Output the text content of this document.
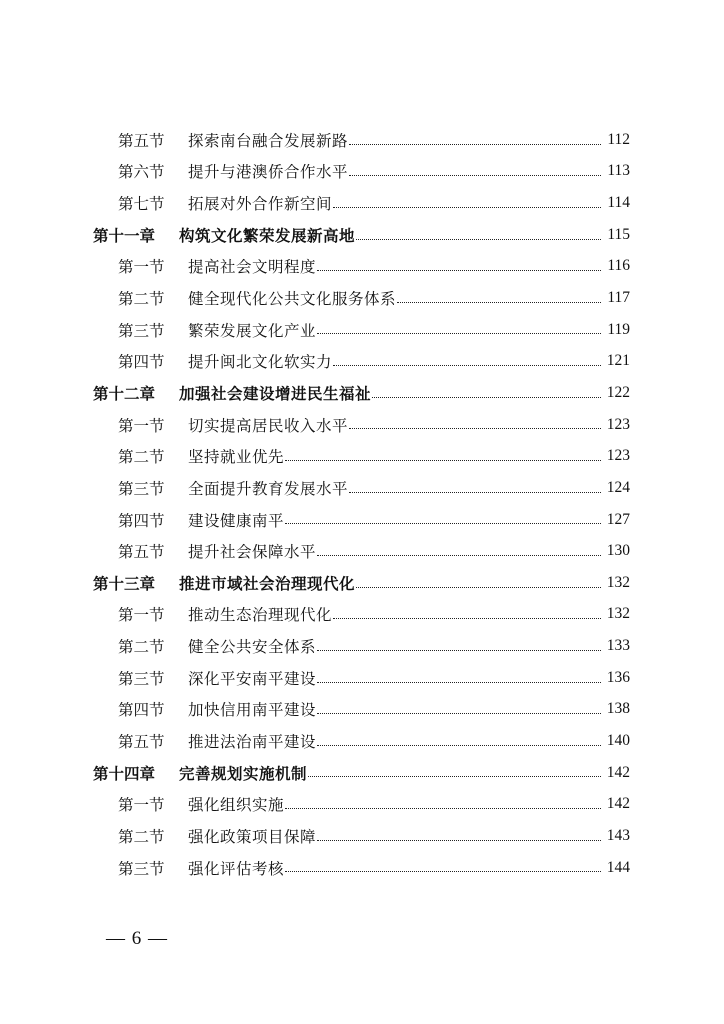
第五节	探索南台融合发展新路	112
第六节	提升与港澳侨合作水平	113
第七节	拓展对外合作新空间	114
第十一章	构筑文化繁荣发展新高地	115
第一节	提高社会文明程度	116
第二节	健全现代化公共文化服务体系	117
第三节	繁荣发展文化产业	119
第四节	提升闽北文化软实力	121
第十二章	加强社会建设增进民生福祉	122
第一节	切实提高居民收入水平	123
第二节	坚持就业优先	123
第三节	全面提升教育发展水平	124
第四节	建设健康南平	127
第五节	提升社会保障水平	130
第十三章	推进市域社会治理现代化	132
第一节	推动生态治理现代化	132
第二节	健全公共安全体系	133
第三节	深化平安南平建设	136
第四节	加快信用南平建设	138
第五节	推进法治南平建设	140
第十四章	完善规划实施机制	142
第一节	强化组织实施	142
第二节	强化政策项目保障	143
第三节	强化评估考核	144
— 6 —
